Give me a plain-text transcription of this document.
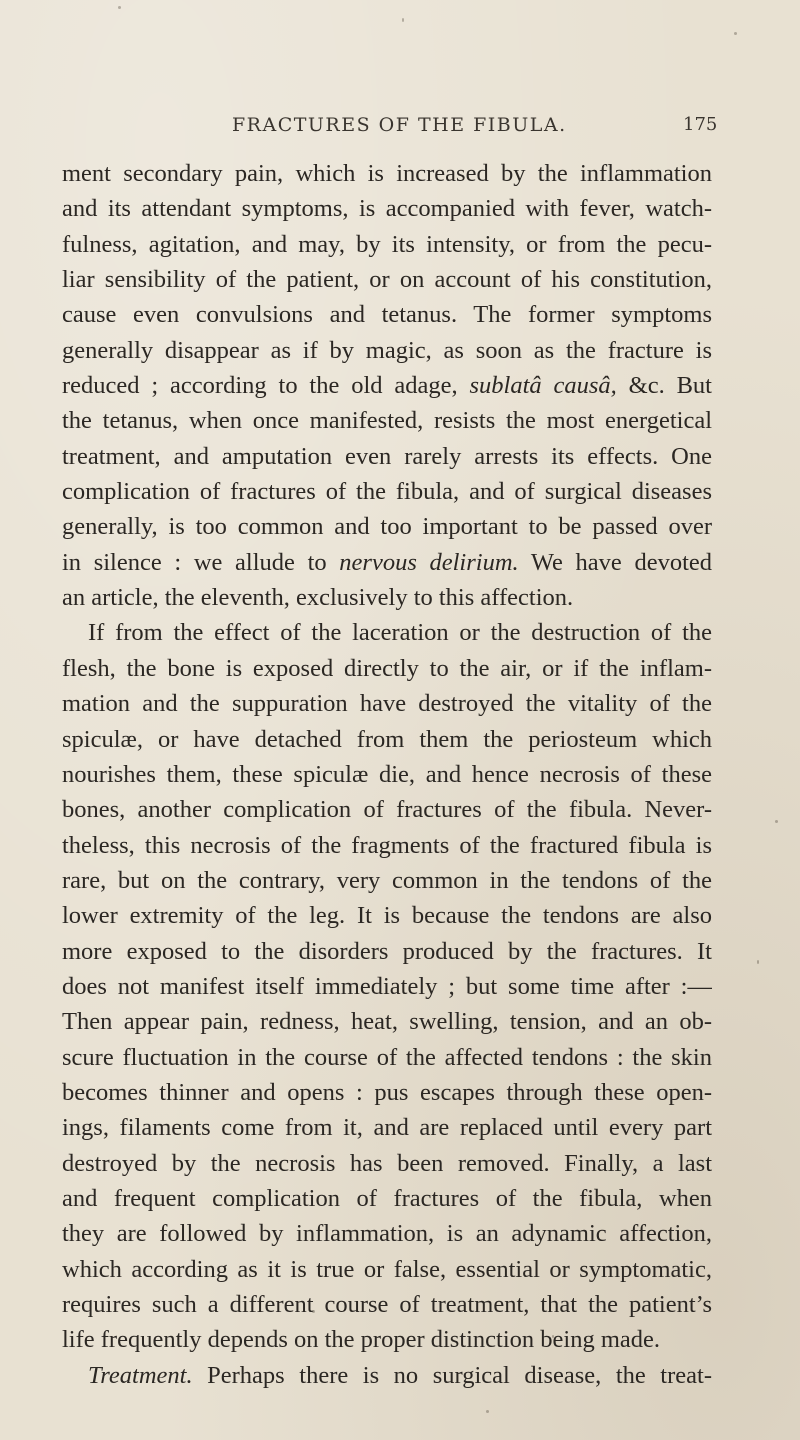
FRACTURES OF THE FIBULA.	175
ment secondary pain, which is increased by the inflammation
and its attendant symptoms, is accompanied with fever, watch-
fulness, agitation, and may, by its intensity, or from the pecu-
liar sensibility of the patient, or on account of his constitution,
cause even convulsions and tetanus. The former symptoms
generally disappear as if by magic, as soon as the fracture is
reduced ; according to the old adage, sublatâ causâ, &c. But
the tetanus, when once manifested, resists the most energetical
treatment, and amputation even rarely arrests its effects. One
complication of fractures of the fibula, and of surgical diseases
generally, is too common and too important to be passed over
in silence : we allude to nervous delirium. We have devoted
an article, the eleventh, exclusively to this affection.
If from the effect of the laceration or the destruction of the
flesh, the bone is exposed directly to the air, or if the inflam-
mation and the suppuration have destroyed the vitality of the
spiculæ, or have detached from them the periosteum which
nourishes them, these spiculæ die, and hence necrosis of these
bones, another complication of fractures of the fibula. Never-
theless, this necrosis of the fragments of the fractured fibula is
rare, but on the contrary, very common in the tendons of the
lower extremity of the leg. It is because the tendons are also
more exposed to the disorders produced by the fractures. It
does not manifest itself immediately ; but some time after :—
Then appear pain, redness, heat, swelling, tension, and an ob-
scure fluctuation in the course of the affected tendons : the skin
becomes thinner and opens : pus escapes through these open-
ings, filaments come from it, and are replaced until every part
destroyed by the necrosis has been removed. Finally, a last
and frequent complication of fractures of the fibula, when
they are followed by inflammation, is an adynamic affection,
which according as it is true or false, essential or symptomatic,
requires such a different course of treatment, that the patient’s
life frequently depends on the proper distinction being made.
Treatment. Perhaps there is no surgical disease, the treat-
